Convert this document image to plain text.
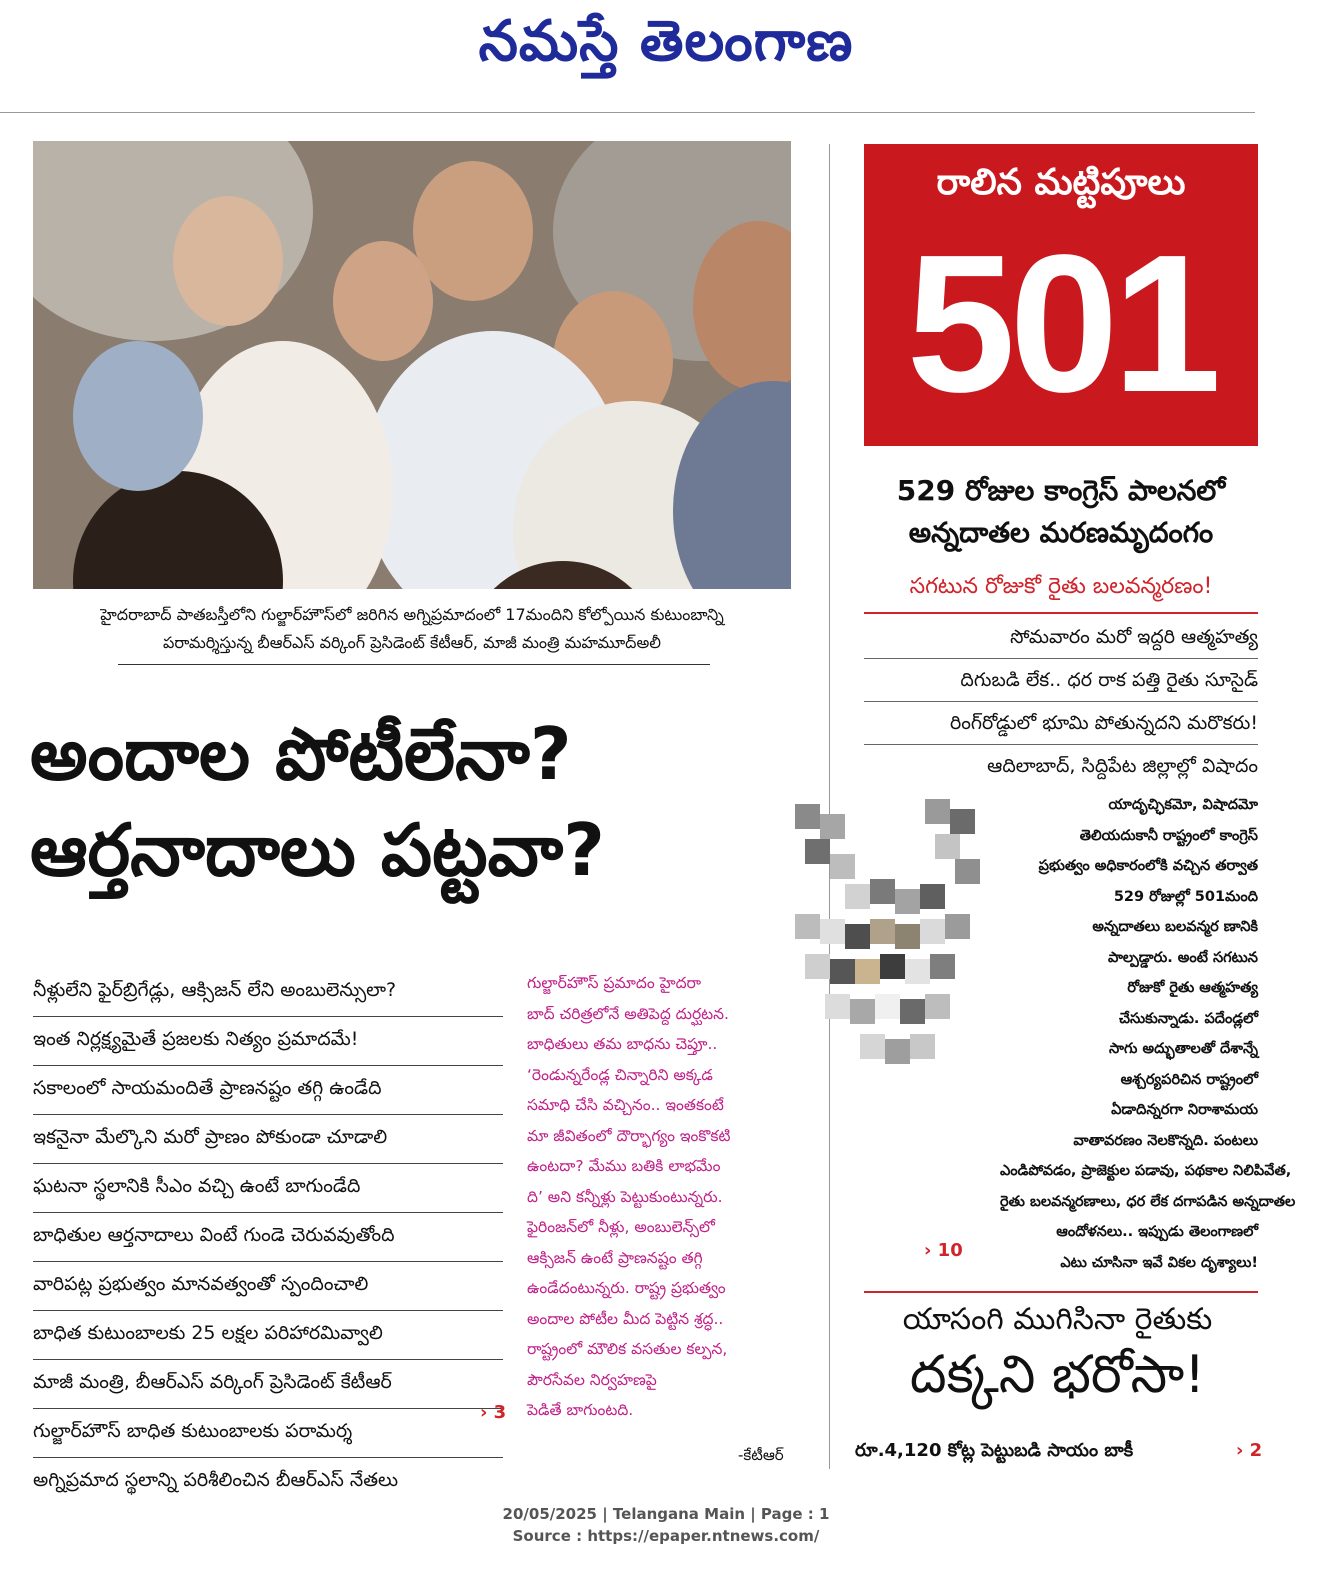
నమస్తే తెలంగాణ
హైదరాబాద్ పాతబస్తీలోని గుల్జార్‌హౌస్‌లో జరిగిన అగ్నిప్రమాదంలో 17మందిని కోల్పోయిన కుటుంబాన్ని
పరామర్శిస్తున్న బీఆర్‌ఎస్ వర్కింగ్ ప్రెసిడెంట్ కేటీఆర్, మాజీ మంత్రి మహమూద్‌అలీ
అందాల పోటీలేనా?
ఆర్తనాదాలు పట్టవా?
నీళ్లులేని ఫైర్‌బ్రిగేడ్లు, ఆక్సిజన్ లేని అంబులెన్సులా?
ఇంత నిర్లక్ష్యమైతే ప్రజలకు నిత్యం ప్రమాదమే!
సకాలంలో సాయమందితే ప్రాణనష్టం తగ్గి ఉండేది
ఇకనైనా మేల్కొని మరో ప్రాణం పోకుండా చూడాలి
ఘటనా స్థలానికి సీఎం వచ్చి ఉంటే బాగుండేది
బాధితుల ఆర్తనాదాలు వింటే గుండె చెరువవుతోంది
వారిపట్ల ప్రభుత్వం మానవత్వంతో స్పందించాలి
బాధిత కుటుంబాలకు 25 లక్షల పరిహారమివ్వాలి
మాజీ మంత్రి, బీఆర్‌ఎస్ వర్కింగ్ ప్రెసిడెంట్ కేటీఆర్
గుల్జార్‌హౌస్ బాధిత కుటుంబాలకు పరామర్శ
అగ్నిప్రమాద స్థలాన్ని పరిశీలించిన బీఆర్‌ఎస్ నేతలు
› 3
గుల్జార్‌హౌస్ ప్రమాదం హైదరా
బాద్ చరిత్రలోనే అతిపెద్ద దుర్ఘటన.
బాధితులు తమ బాధను చెప్తూ..
‘రెండున్నరేండ్ల చిన్నారిని అక్కడ
సమాధి చేసి వచ్చినం.. ఇంతకంటే
మా జీవితంలో దౌర్భాగ్యం ఇంకొకటి
ఉంటదా? మేము బతికి లాభమేం
ది’ అని కన్నీళ్లు పెట్టుకుంటున్నరు.
ఫైరింజన్‌లో నీళ్లు, అంబులెన్స్‌లో
ఆక్సిజన్ ఉంటే ప్రాణనష్టం తగ్గి
ఉండేదంటున్నరు. రాష్ట్ర ప్రభుత్వం
అందాల పోటీల మీద పెట్టిన శ్రద్ధ..
రాష్ట్రంలో మౌలిక వసతుల కల్పన,
పౌరసేవల నిర్వహణపై
పెడితే బాగుంటది.
-కేటీఆర్
రాలిన మట్టిపూలు
501
529 రోజుల కాంగ్రెస్ పాలనలో
అన్నదాతల మరణమృదంగం
సగటున రోజుకో రైతు బలవన్మరణం!
సోమవారం మరో ఇద్దరి ఆత్మహత్య
దిగుబడి లేక.. ధర రాక పత్తి రైతు సూసైడ్
రింగ్‌రోడ్డులో భూమి పోతున్నదని మరొకరు!
ఆదిలాబాద్, సిద్దిపేట జిల్లాల్లో విషాదం
యాదృచ్ఛికమో, విషాదమో
తెలియదుకానీ రాష్ట్రంలో కాంగ్రెస్
ప్రభుత్వం అధికారంలోకి వచ్చిన తర్వాత
529 రోజుల్లో 501మంది
అన్నదాతలు బలవన్మర ణానికి
పాల్పడ్డారు. అంటే సగటున
రోజుకో రైతు ఆత్మహత్య
చేసుకున్నాడు. పదేండ్లలో
సాగు అద్భుతాలతో దేశాన్నే
ఆశ్చర్యపరిచిన రాష్ట్రంలో
ఏడాదిన్నరగా నిరాశామయ
వాతావరణం నెలకొన్నది. పంటలు
ఎండిపోవడం, ప్రాజెక్టుల పడావు, పథకాల నిలిపివేత,
రైతు బలవన్మరణాలు, ధర లేక దగాపడిన అన్నదాతల
ఆందోళనలు.. ఇప్పుడు తెలంగాణలో
ఎటు చూసినా ఇవే వికల దృశ్యాలు!
› 10
యాసంగి ముగిసినా రైతుకు
దక్కని భరోసా!
రూ.4,120 కోట్ల పెట్టుబడి సాయం బాకీ	› 2
20/05/2025 | Telangana Main | Page : 1
Source : https://epaper.ntnews.com/
